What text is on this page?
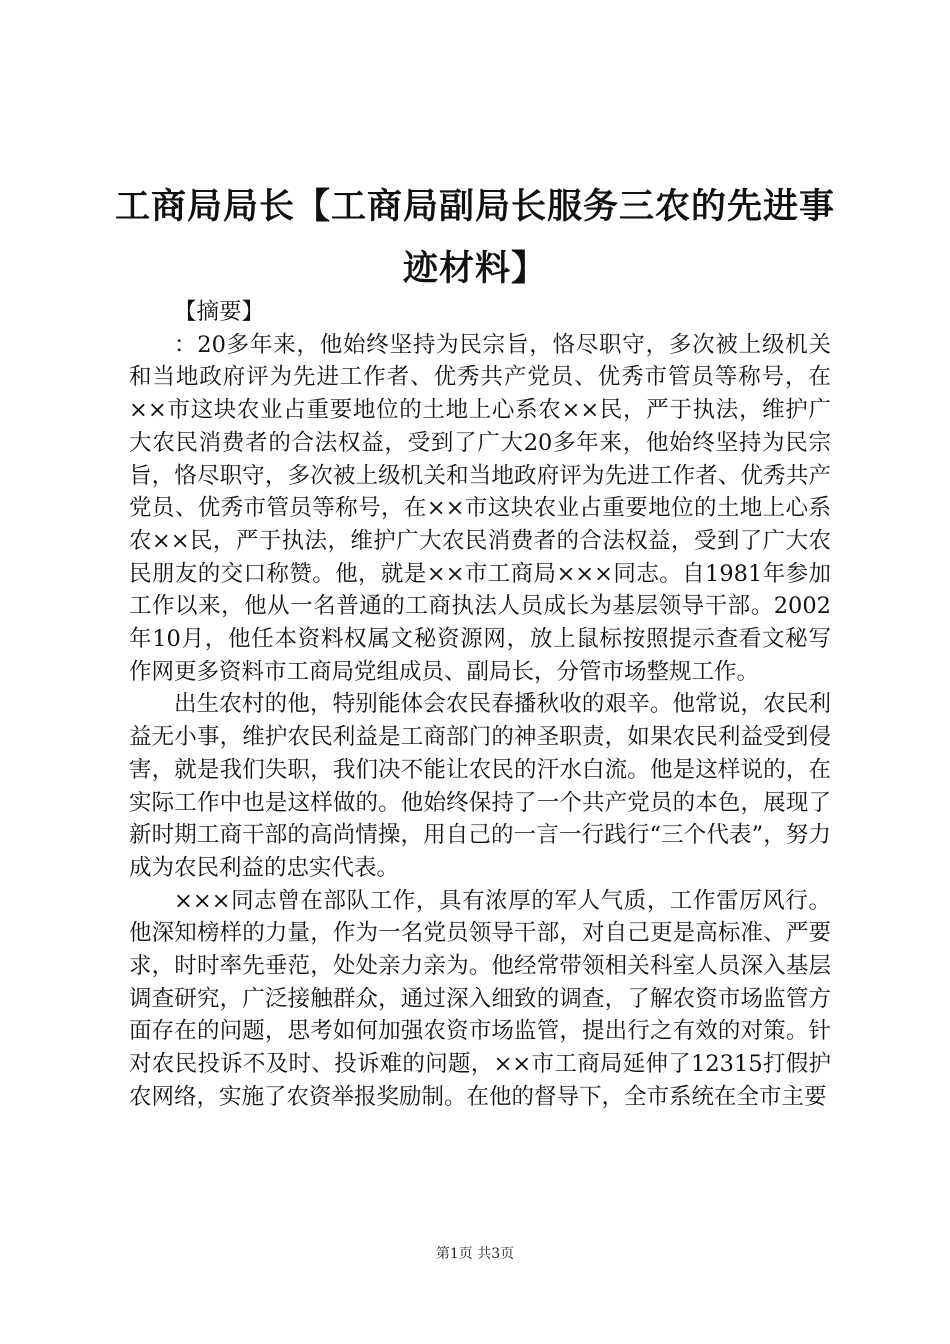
工商局局长【工商局副局长服务三农的先进事迹材料】

【摘要】

：20多年来，他始终坚持为民宗旨，恪尽职守，多次被上级机关和当地政府评为先进工作者、优秀共产党员、优秀市管员等称号，在××市这块农业占重要地位的土地上心系农××民，严于执法，维护广大农民消费者的合法权益，受到了广大20多年来，他始终坚持为民宗旨，恪尽职守，多次被上级机关和当地政府评为先进工作者、优秀共产党员、优秀市管员等称号，在××市这块农业占重要地位的土地上心系农××民，严于执法，维护广大农民消费者的合法权益，受到了广大农民朋友的交口称赞。他，就是××市工商局×××同志。自1981年参加工作以来，他从一名普通的工商执法人员成长为基层领导干部。2002年10月，他任本资料权属文秘资源网，放上鼠标按照提示查看文秘写作网更多资料市工商局党组成员、副局长，分管市场整规工作。

出生农村的他，特别能体会农民春播秋收的艰辛。他常说，农民利益无小事，维护农民利益是工商部门的神圣职责，如果农民利益受到侵害，就是我们失职，我们决不能让农民的汗水白流。他是这样说的，在实际工作中也是这样做的。他始终保持了一个共产党员的本色，展现了新时期工商干部的高尚情操，用自己的一言一行践行“三个代表”，努力成为农民利益的忠实代表。

×××同志曾在部队工作，具有浓厚的军人气质，工作雷厉风行。他深知榜样的力量，作为一名党员领导干部，对自己更是高标准、严要求，时时率先垂范，处处亲力亲为。他经常带领相关科室人员深入基层调查研究，广泛接触群众，通过深入细致的调查，了解农资市场监管方面存在的问题，思考如何加强农资市场监管，提出行之有效的对策。针对农民投诉不及时、投诉难的问题，××市工商局延伸了12315打假护农网络，实施了农资举报奖励制。在他的督导下，全市系统在全市主要

第1页 共3页
